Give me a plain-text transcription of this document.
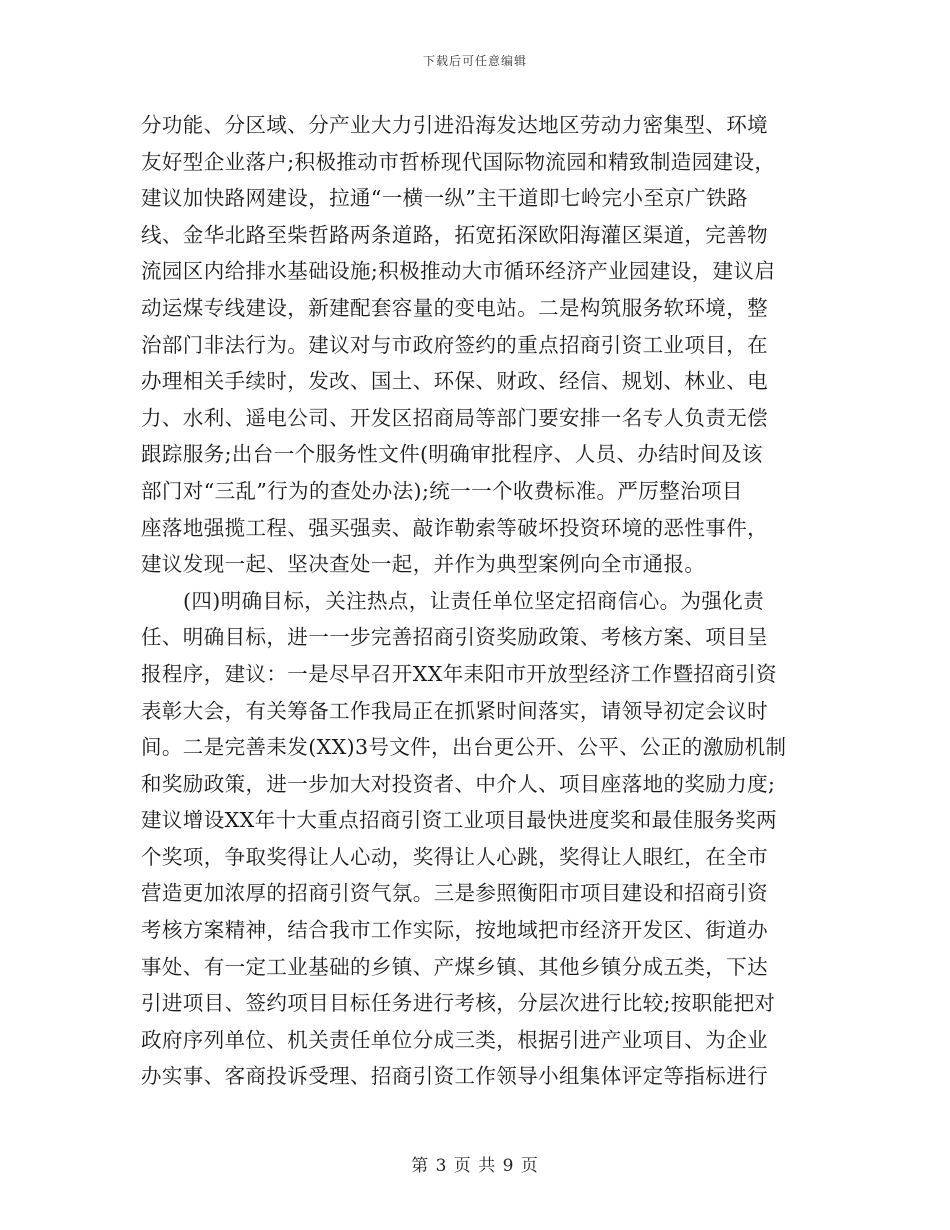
下载后可任意编辑
分功能、分区域、分产业大力引进沿海发达地区劳动力密集型、环境
友好型企业落户;积极推动市哲桥现代国际物流园和精致制造园建设，
建议加快路网建设，拉通“一横一纵”主干道即七岭完小至京广铁路
线、金华北路至柴哲路两条道路，拓宽拓深欧阳海灌区渠道，完善物
流园区内给排水基础设施;积极推动大市循环经济产业园建设，建议启
动运煤专线建设，新建配套容量的变电站。二是构筑服务软环境，整
治部门非法行为。建议对与市政府签约的重点招商引资工业项目，在
办理相关手续时，发改、国土、环保、财政、经信、规划、林业、电
力、水利、遥电公司、开发区招商局等部门要安排一名专人负责无偿
跟踪服务;出台一个服务性文件(明确审批程序、人员、办结时间及该
部门对“三乱”行为的查处办法);统一一个收费标准。严厉整治项目
座落地强揽工程、强买强卖、敲诈勒索等破坏投资环境的恶性事件，
建议发现一起、坚决查处一起，并作为典型案例向全市通报。
(四)明确目标，关注热点，让责任单位坚定招商信心。为强化责
任、明确目标，进一一步完善招商引资奖励政策、考核方案、项目呈
报程序，建议：一是尽早召开XX年耒阳市开放型经济工作暨招商引资
表彰大会，有关筹备工作我局正在抓紧时间落实，请领导初定会议时
间。二是完善耒发(XX)3号文件，出台更公开、公平、公正的激励机制
和奖励政策，进一步加大对投资者、中介人、项目座落地的奖励力度;
建议增设XX年十大重点招商引资工业项目最快进度奖和最佳服务奖两
个奖项，争取奖得让人心动，奖得让人心跳，奖得让人眼红，在全市
营造更加浓厚的招商引资气氛。三是参照衡阳市项目建设和招商引资
考核方案精神，结合我市工作实际，按地域把市经济开发区、街道办
事处、有一定工业基础的乡镇、产煤乡镇、其他乡镇分成五类，下达
引进项目、签约项目目标任务进行考核，分层次进行比较;按职能把对
政府序列单位、机关责任单位分成三类，根据引进产业项目、为企业
办实事、客商投诉受理、招商引资工作领导小组集体评定等指标进行
第 3 页 共 9 页
